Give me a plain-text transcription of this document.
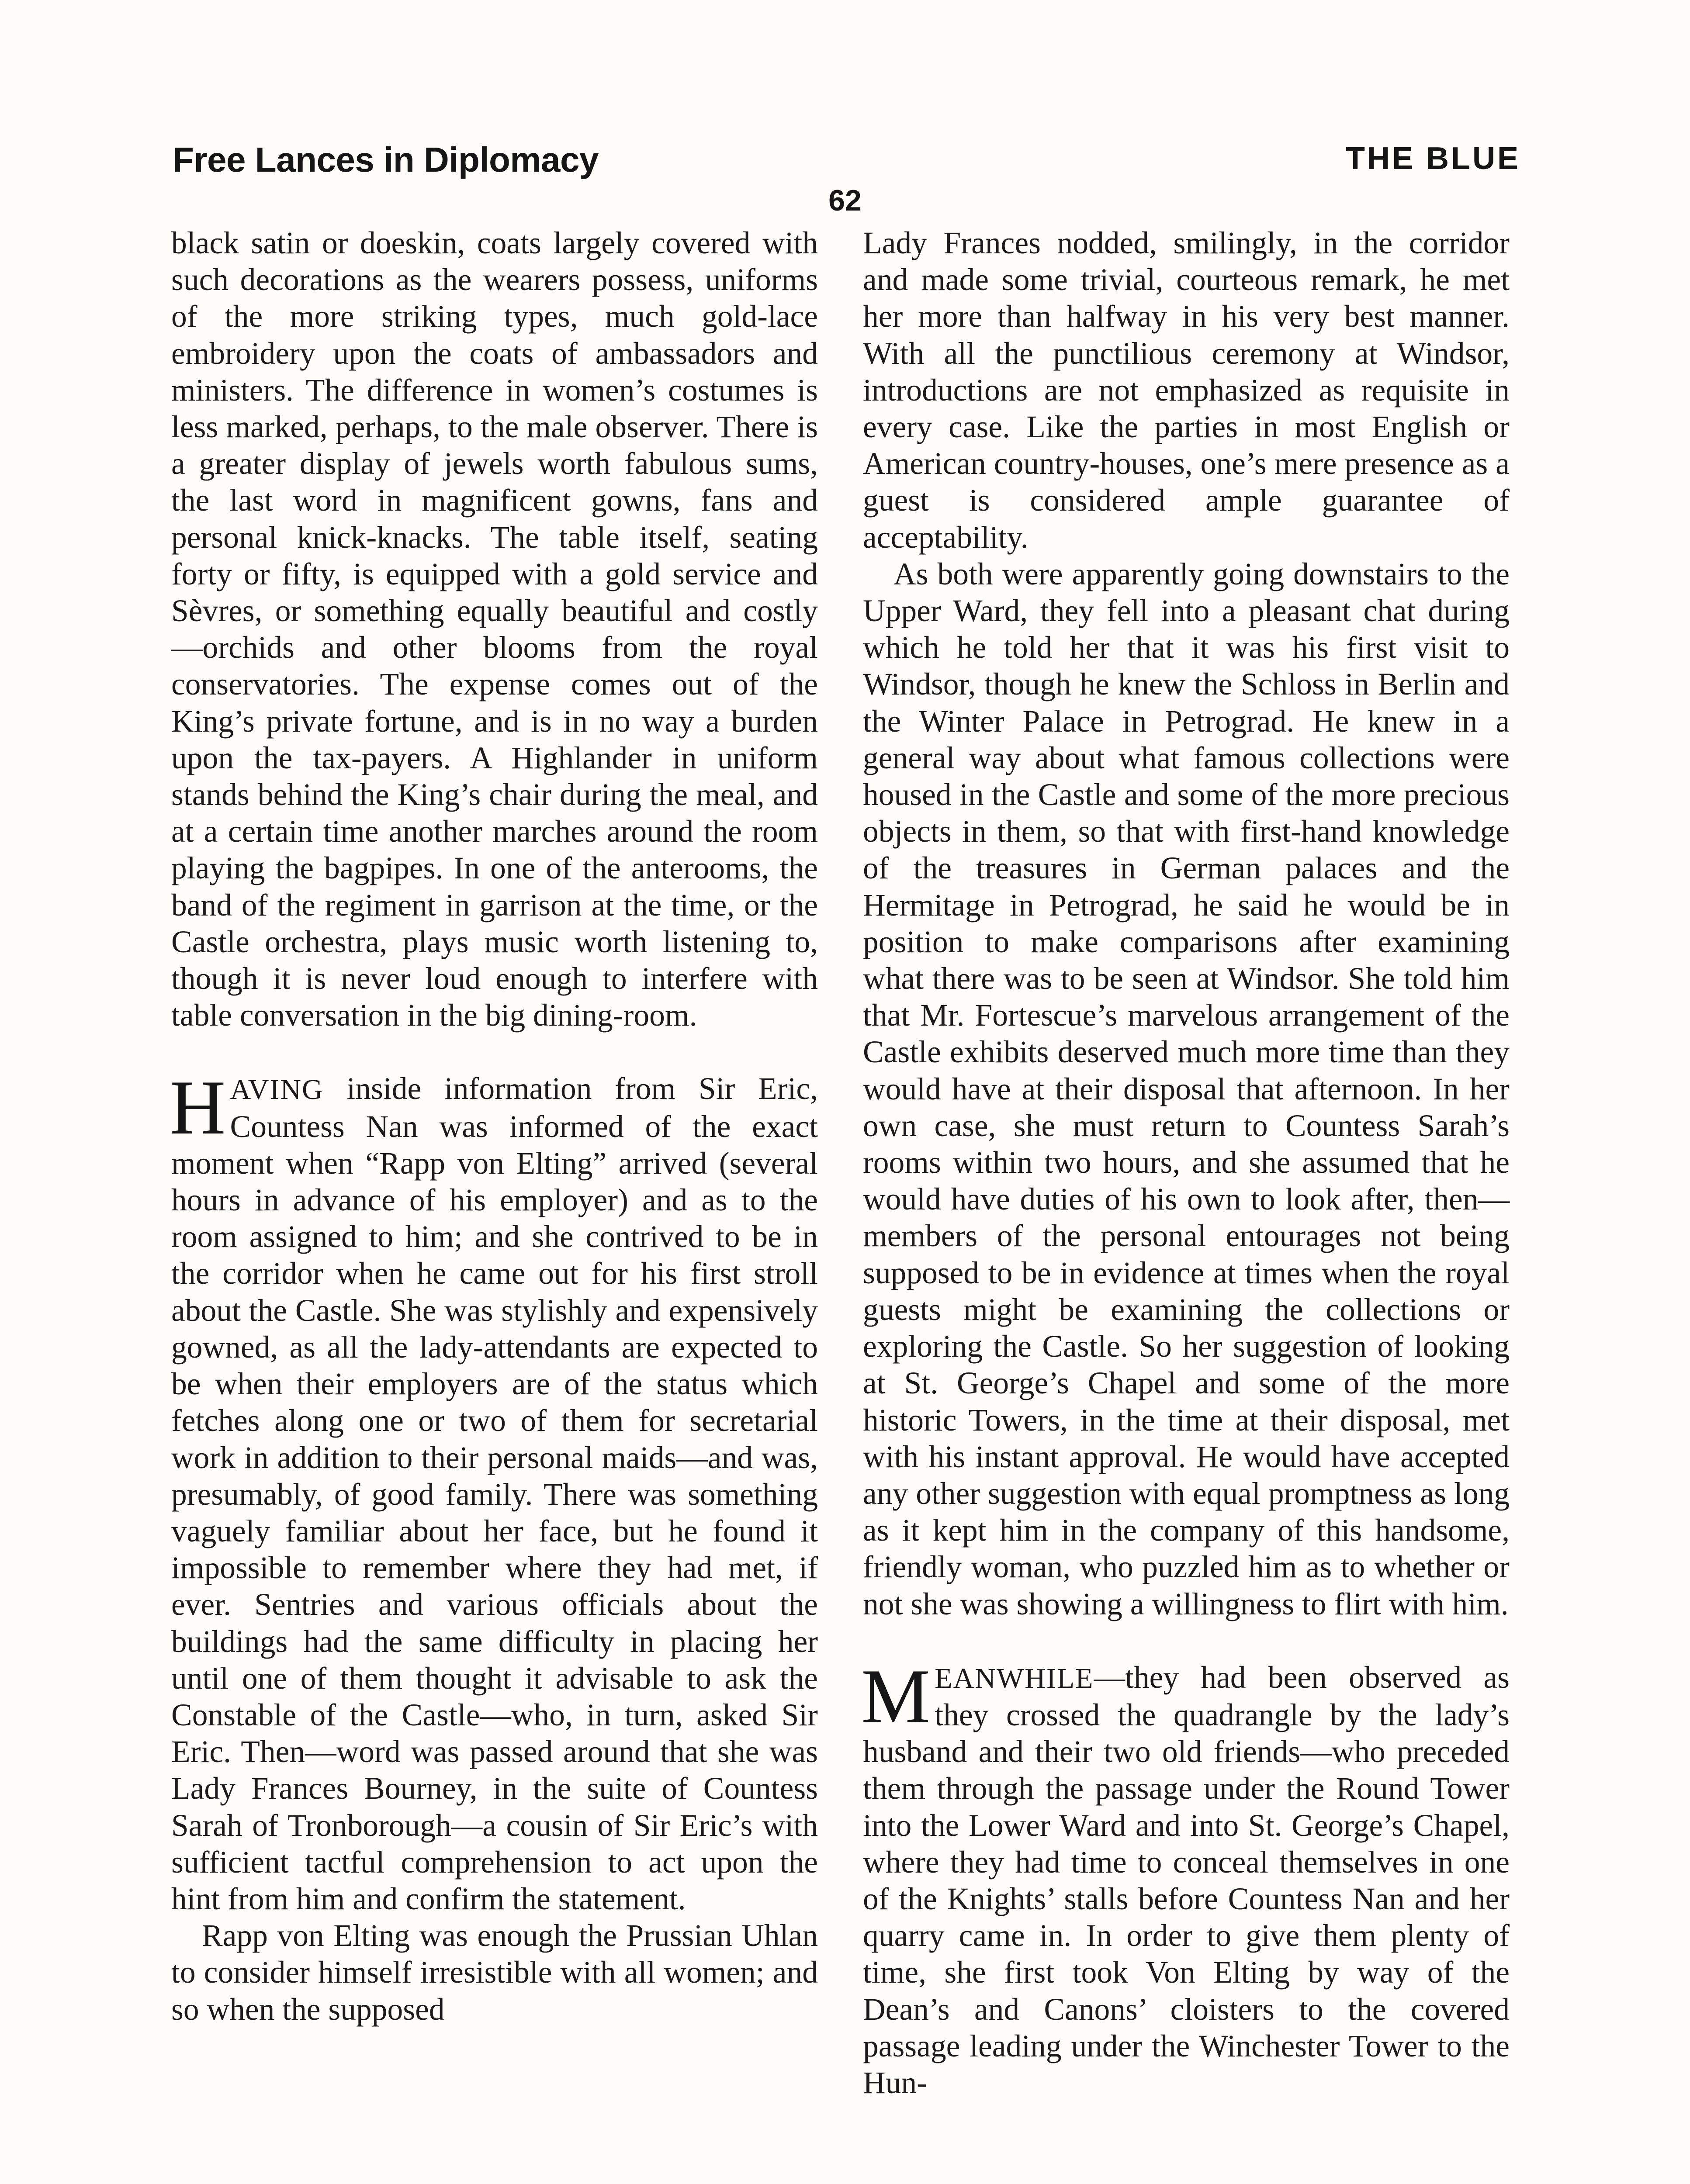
Free Lances in Diplomacy	THE BLUE
62

black satin or doeskin, coats largely covered with such decorations as the wearers possess, uniforms of the more striking types, much gold-lace embroidery upon the coats of ambassadors and ministers. The difference in women’s costumes is less marked, perhaps, to the male observer. There is a greater display of jewels worth fabulous sums, the last word in magnificent gowns, fans and personal knick-knacks. The table itself, seating forty or fifty, is equipped with a gold service and Sèvres, or something equally beautiful and costly —orchids and other blooms from the royal conservatories. The expense comes out of the King’s private fortune, and is in no way a burden upon the tax-payers. A Highlander in uniform stands behind the King’s chair during the meal, and at a certain time another marches around the room playing the bagpipes. In one of the anterooms, the band of the regiment in garrison at the time, or the Castle orchestra, plays music worth listening to, though it is never loud enough to interfere with table conversation in the big dining-room.

HAVING inside information from Sir Eric, Countess Nan was informed of the exact moment when “Rapp von Elting” arrived (several hours in advance of his employer) and as to the room assigned to him; and she contrived to be in the corridor when he came out for his first stroll about the Castle. She was stylishly and expensively gowned, as all the lady-attendants are expected to be when their employers are of the status which fetches along one or two of them for secretarial work in addition to their personal maids—and was, presumably, of good family. There was something vaguely familiar about her face, but he found it impossible to remember where they had met, if ever. Sentries and various officials about the buildings had the same difficulty in placing her until one of them thought it advisable to ask the Constable of the Castle—who, in turn, asked Sir Eric. Then—word was passed around that she was Lady Frances Bourney, in the suite of Countess Sarah of Tronborough—a cousin of Sir Eric’s with sufficient tactful comprehension to act upon the hint from him and confirm the statement.

Rapp von Elting was enough the Prussian Uhlan to consider himself irresistible with all women; and so when the supposed

Lady Frances nodded, smilingly, in the corridor and made some trivial, courteous remark, he met her more than halfway in his very best manner. With all the punctilious ceremony at Windsor, introductions are not emphasized as requisite in every case. Like the parties in most English or American country-houses, one’s mere presence as a guest is considered ample guarantee of acceptability.

As both were apparently going downstairs to the Upper Ward, they fell into a pleasant chat during which he told her that it was his first visit to Windsor, though he knew the Schloss in Berlin and the Winter Palace in Petrograd. He knew in a general way about what famous collections were housed in the Castle and some of the more precious objects in them, so that with first-hand knowledge of the treasures in German palaces and the Hermitage in Petrograd, he said he would be in position to make comparisons after examining what there was to be seen at Windsor. She told him that Mr. Fortescue’s marvelous arrangement of the Castle exhibits deserved much more time than they would have at their disposal that afternoon. In her own case, she must return to Countess Sarah’s rooms within two hours, and she assumed that he would have duties of his own to look after, then—members of the personal entourages not being supposed to be in evidence at times when the royal guests might be examining the collections or exploring the Castle. So her suggestion of looking at St. George’s Chapel and some of the more historic Towers, in the time at their disposal, met with his instant approval. He would have accepted any other suggestion with equal promptness as long as it kept him in the company of this handsome, friendly woman, who puzzled him as to whether or not she was showing a willingness to flirt with him.

MEANWHILE—they had been observed as they crossed the quadrangle by the lady’s husband and their two old friends—who preceded them through the passage under the Round Tower into the Lower Ward and into St. George’s Chapel, where they had time to conceal themselves in one of the Knights’ stalls before Countess Nan and her quarry came in. In order to give them plenty of time, she first took Von Elting by way of the Dean’s and Canons’ cloisters to the covered passage leading under the Winchester Tower to the Hun-
